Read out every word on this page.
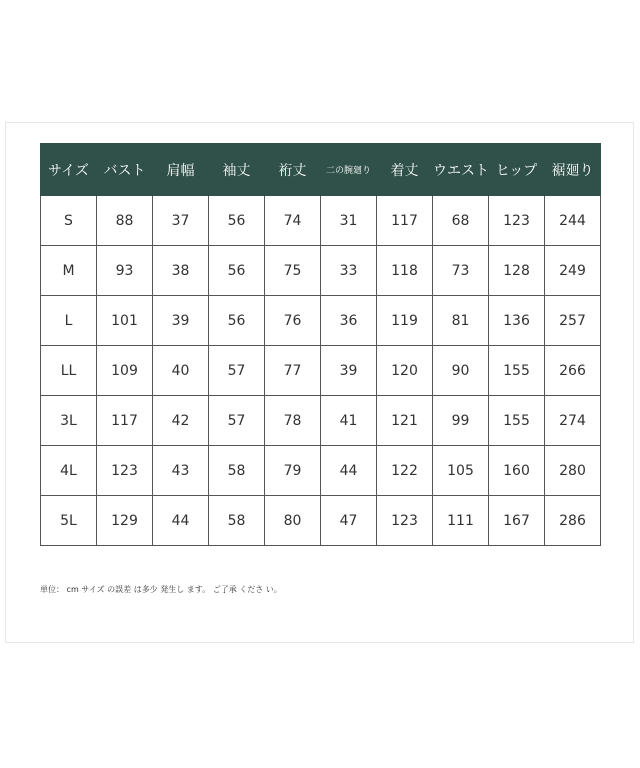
サイズ	バスト	肩幅	袖丈	裄丈	二の腕廻り	着丈	ウエスト	ヒップ	裾廻り
S	88	37	56	74	31	117	68	123	244
M	93	38	56	75	33	118	73	128	249
L	101	39	56	76	36	119	81	136	257
LL	109	40	57	77	39	120	90	155	266
3L	117	42	57	78	41	121	99	155	274
4L	123	43	58	79	44	122	105	160	280
5L	129	44	58	80	47	123	111	167	286
単位： cm サイズ の誤差 は多少 発生し ます。 ご了承 くださ い。
